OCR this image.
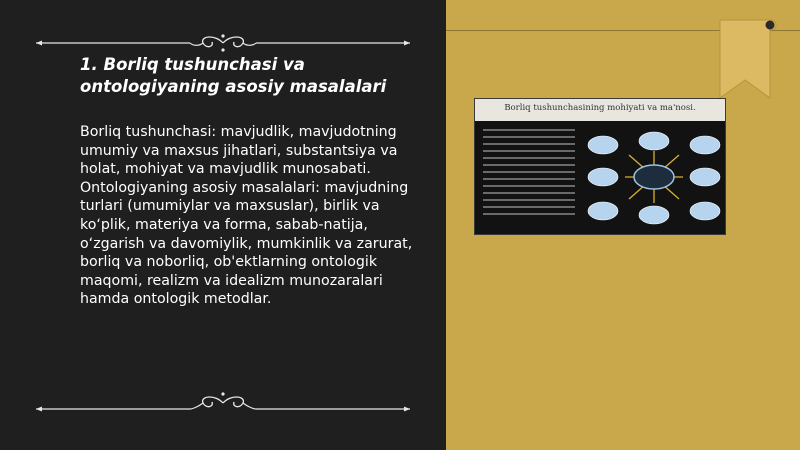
1. Borliq tushunchasi va ontologiyaning asosiy masalalari

Borliq tushunchasi: mavjudlik, mavjudotning umumiy va maxsus jihatlari, substantsiya va holat, mohiyat va mavjudlik munosabati. Ontologiyaning asosiy masalalari: mavjudning turlari (umumiylar va maxsuslar), birlik va ko‘plik, materiya va forma, sabab-natija, o‘zgarish va davomiylik, mumkinlik va zarurat, borliq va noborliq, ob'ektlarning ontologik maqomi, realizm va idealizm munozaralari hamda ontologik metodlar.

Borliq tushunchasining mohiyati va ma'nosi.
